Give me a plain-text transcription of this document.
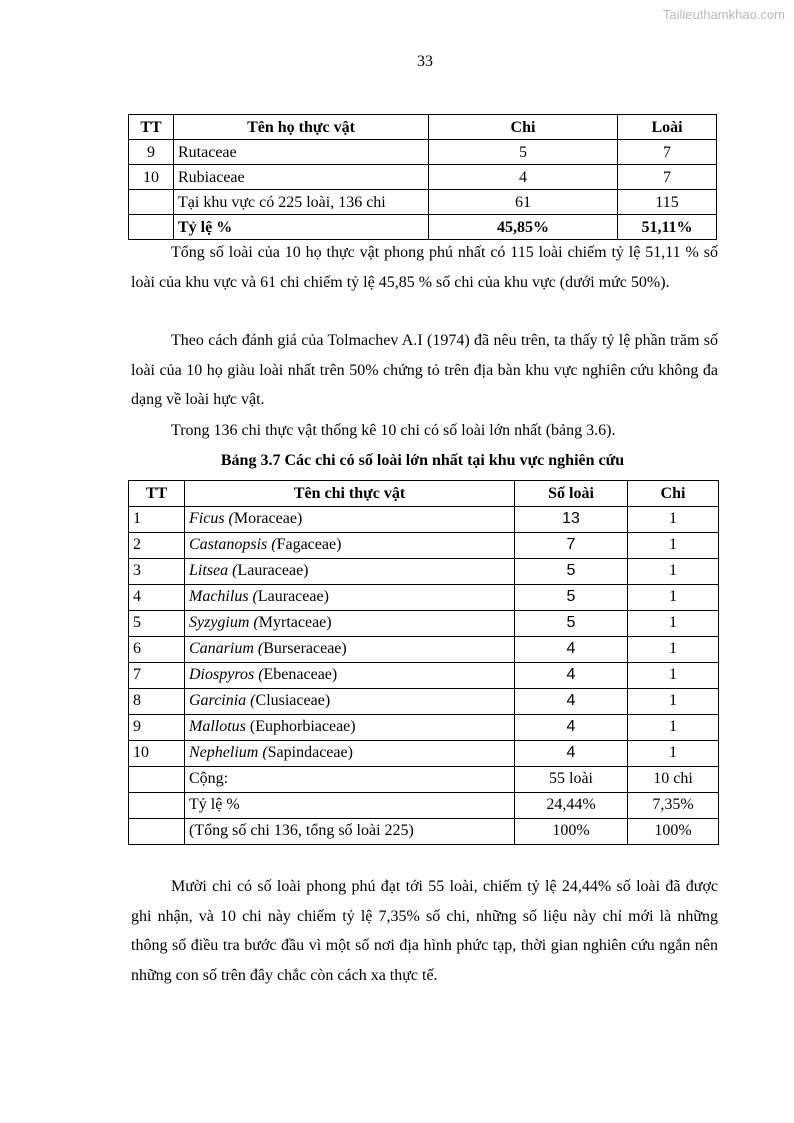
Tailieuthamkhao.com
33
TT	Tên họ thực vật	Chi	Loài
9	Rutaceae	5	7
10	Rubiaceae	4	7
	Tại khu vực có 225 loài, 136 chi	61	115
	Tỷ lệ %	45,85%	51,11%
Tổng số loài của 10 họ thực vật phong phú nhất có 115 loài chiếm tỷ lệ 51,11 % số loài của khu vực và 61 chi chiếm tỷ lệ 45,85 % số chi của khu vực (dưới mức 50%).
Theo cách đánh giá của Tolmachev A.I (1974) đã nêu trên, ta thấy tỷ lệ phần trăm số loài của 10 họ giàu loài nhất trên 50% chứng tỏ trên địa bàn khu vực nghiên cứu không đa dạng về loài hực vật.
Trong 136 chi thực vật thống kê 10 chi có số loài lớn nhất (bảng 3.6).
Bảng 3.7 Các chi có số loài lớn nhất tại khu vực nghiên cứu
TT	Tên chi thực vật	Số loài	Chi
1	Ficus (Moraceae)	13	1
2	Castanopsis (Fagaceae)	7	1
3	Litsea (Lauraceae)	5	1
4	Machilus (Lauraceae)	5	1
5	Syzygium (Myrtaceae)	5	1
6	Canarium (Burseraceae)	4	1
7	Diospyros (Ebenaceae)	4	1
8	Garcinia (Clusiaceae)	4	1
9	Mallotus (Euphorbiaceae)	4	1
10	Nephelium (Sapindaceae)	4	1
	Cộng:	55 loài	10 chi
	Tỷ lệ %	24,44%	7,35%
	(Tổng số chi 136, tổng số loài 225)	100%	100%
Mười chi có số loài phong phú đạt tới 55 loài, chiếm tỷ lệ 24,44% số loài đã được ghi nhận, và 10 chi này chiếm tỷ lệ 7,35% số chi, những số liệu này chỉ mới là những thông số điều tra bước đầu vì một số nơi địa hình phức tạp, thời gian nghiên cứu ngắn nên những con số trên đây chắc còn cách xa thực tế.
